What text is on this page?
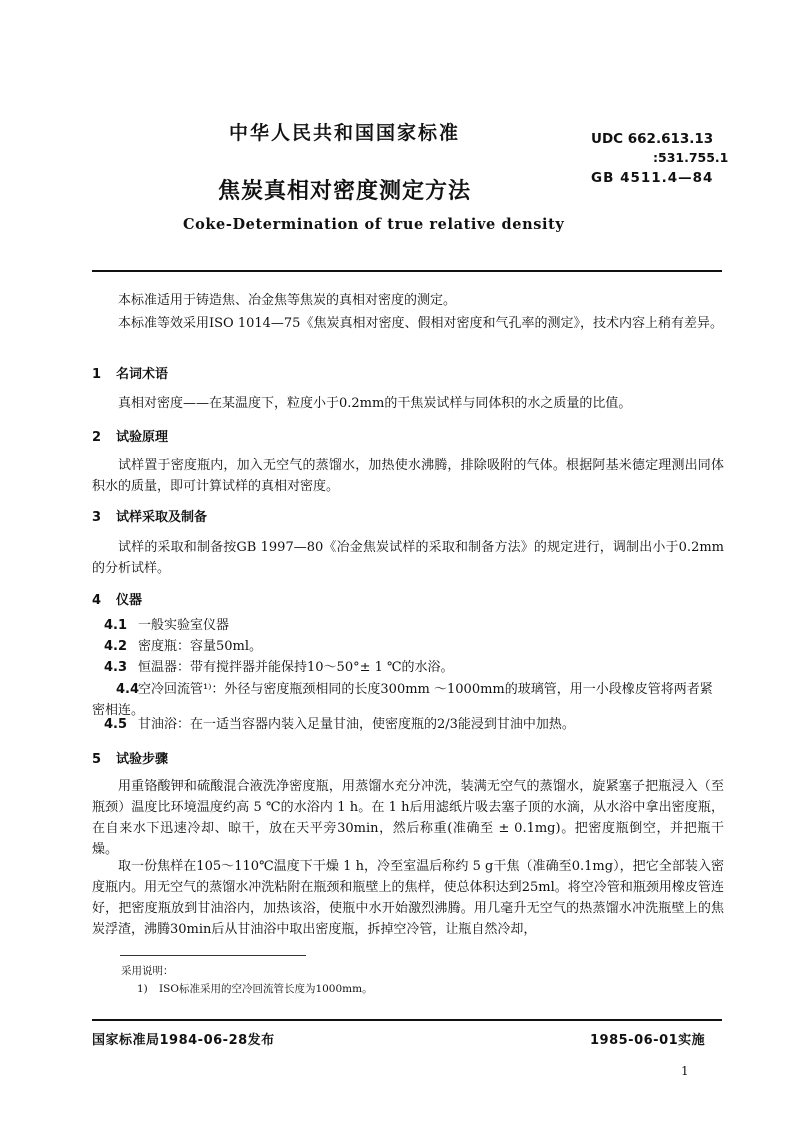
中华人民共和国国家标准	UDC 662.613.13
:531.755.1
焦炭真相对密度测定方法
GB 4511.4—84
Coke-Determination of true relative density
本标准适用于铸造焦、冶金焦等焦炭的真相对密度的测定。
本标准等效采用ISO 1014—75《焦炭真相对密度、假相对密度和气孔率的测定》，技术内容上稍有差异。
1 名词术语
真相对密度——在某温度下，粒度小于0.2mm的干焦炭试样与同体积的水之质量的比值。
2 试验原理
试样置于密度瓶内，加入无空气的蒸馏水，加热使水沸腾，排除吸附的气体。根据阿基米德定理测出同体积水的质量，即可计算试样的真相对密度。
3 试样采取及制备
试样的采取和制备按GB 1997—80《冶金焦炭试样的采取和制备方法》的规定进行，调制出小于0.2mm的分析试样。
4 仪器
4.1 一般实验室仪器
4.2 密度瓶：容量50ml。
4.3 恒温器：带有搅拌器并能保持10～50°± 1 ℃的水浴。
4.4空冷回流管¹⁾：外径与密度瓶颈相同的长度300mm ～1000mm的玻璃管，用一小段橡皮管将两者紧密相连。
4.5 甘油浴：在一适当容器内装入足量甘油，使密度瓶的2/3能浸到甘油中加热。
5 试验步骤
用重铬酸钾和硫酸混合液洗净密度瓶，用蒸馏水充分冲洗，装满无空气的蒸馏水，旋紧塞子把瓶浸入（至瓶颈）温度比环境温度约高 5 ℃的水浴内 1 h。在 1 h后用滤纸片吸去塞子顶的水滴，从水浴中拿出密度瓶，在自来水下迅速冷却、晾干，放在天平旁30min，然后称重(准确至 ± 0.1mg)。把密度瓶倒空，并把瓶干燥。
取一份焦样在105～110℃温度下干燥 1 h，冷至室温后称约 5 g干焦（准确至0.1mg），把它全部装入密度瓶内。用无空气的蒸馏水冲洗粘附在瓶颈和瓶壁上的焦样，使总体积达到25ml。将空冷管和瓶颈用橡皮管连好，把密度瓶放到甘油浴内，加热该浴，使瓶中水开始激烈沸腾。用几毫升无空气的热蒸馏水冲洗瓶壁上的焦炭浮渣，沸腾30min后从甘油浴中取出密度瓶，拆掉空冷管，让瓶自然冷却，
采用说明：
1) ISO标准采用的空冷回流管长度为1000mm。
国家标准局1984-06-28发布	1985-06-01实施
1
